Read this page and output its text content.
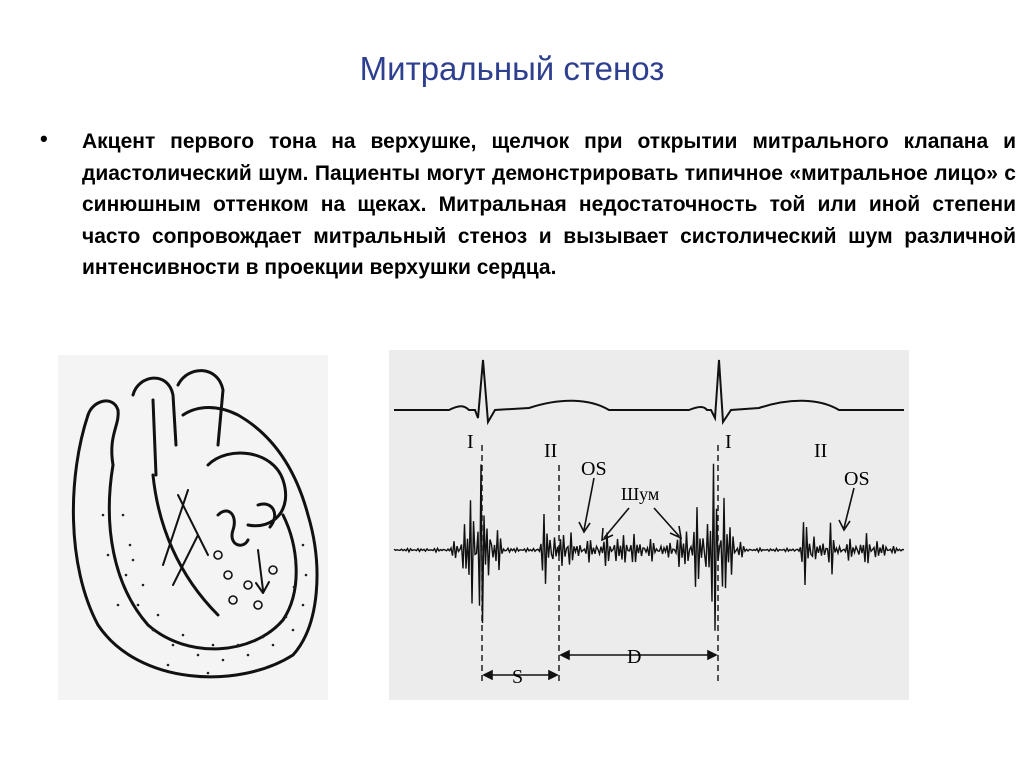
Митральный стеноз
• Акцент первого тона на верхушке, щелчок при открытии митрального клапана и диастолический шум. Пациенты могут демонстрировать типичное «митральное лицо» с синюшным оттенком на щеках. Митральная недостаточность той или иной степени часто сопровождает митральный стеноз и вызывает систолический шум различной интенсивности в проекции верхушки сердца.
I	II
OS
Шум
I	II
OS
S
D
